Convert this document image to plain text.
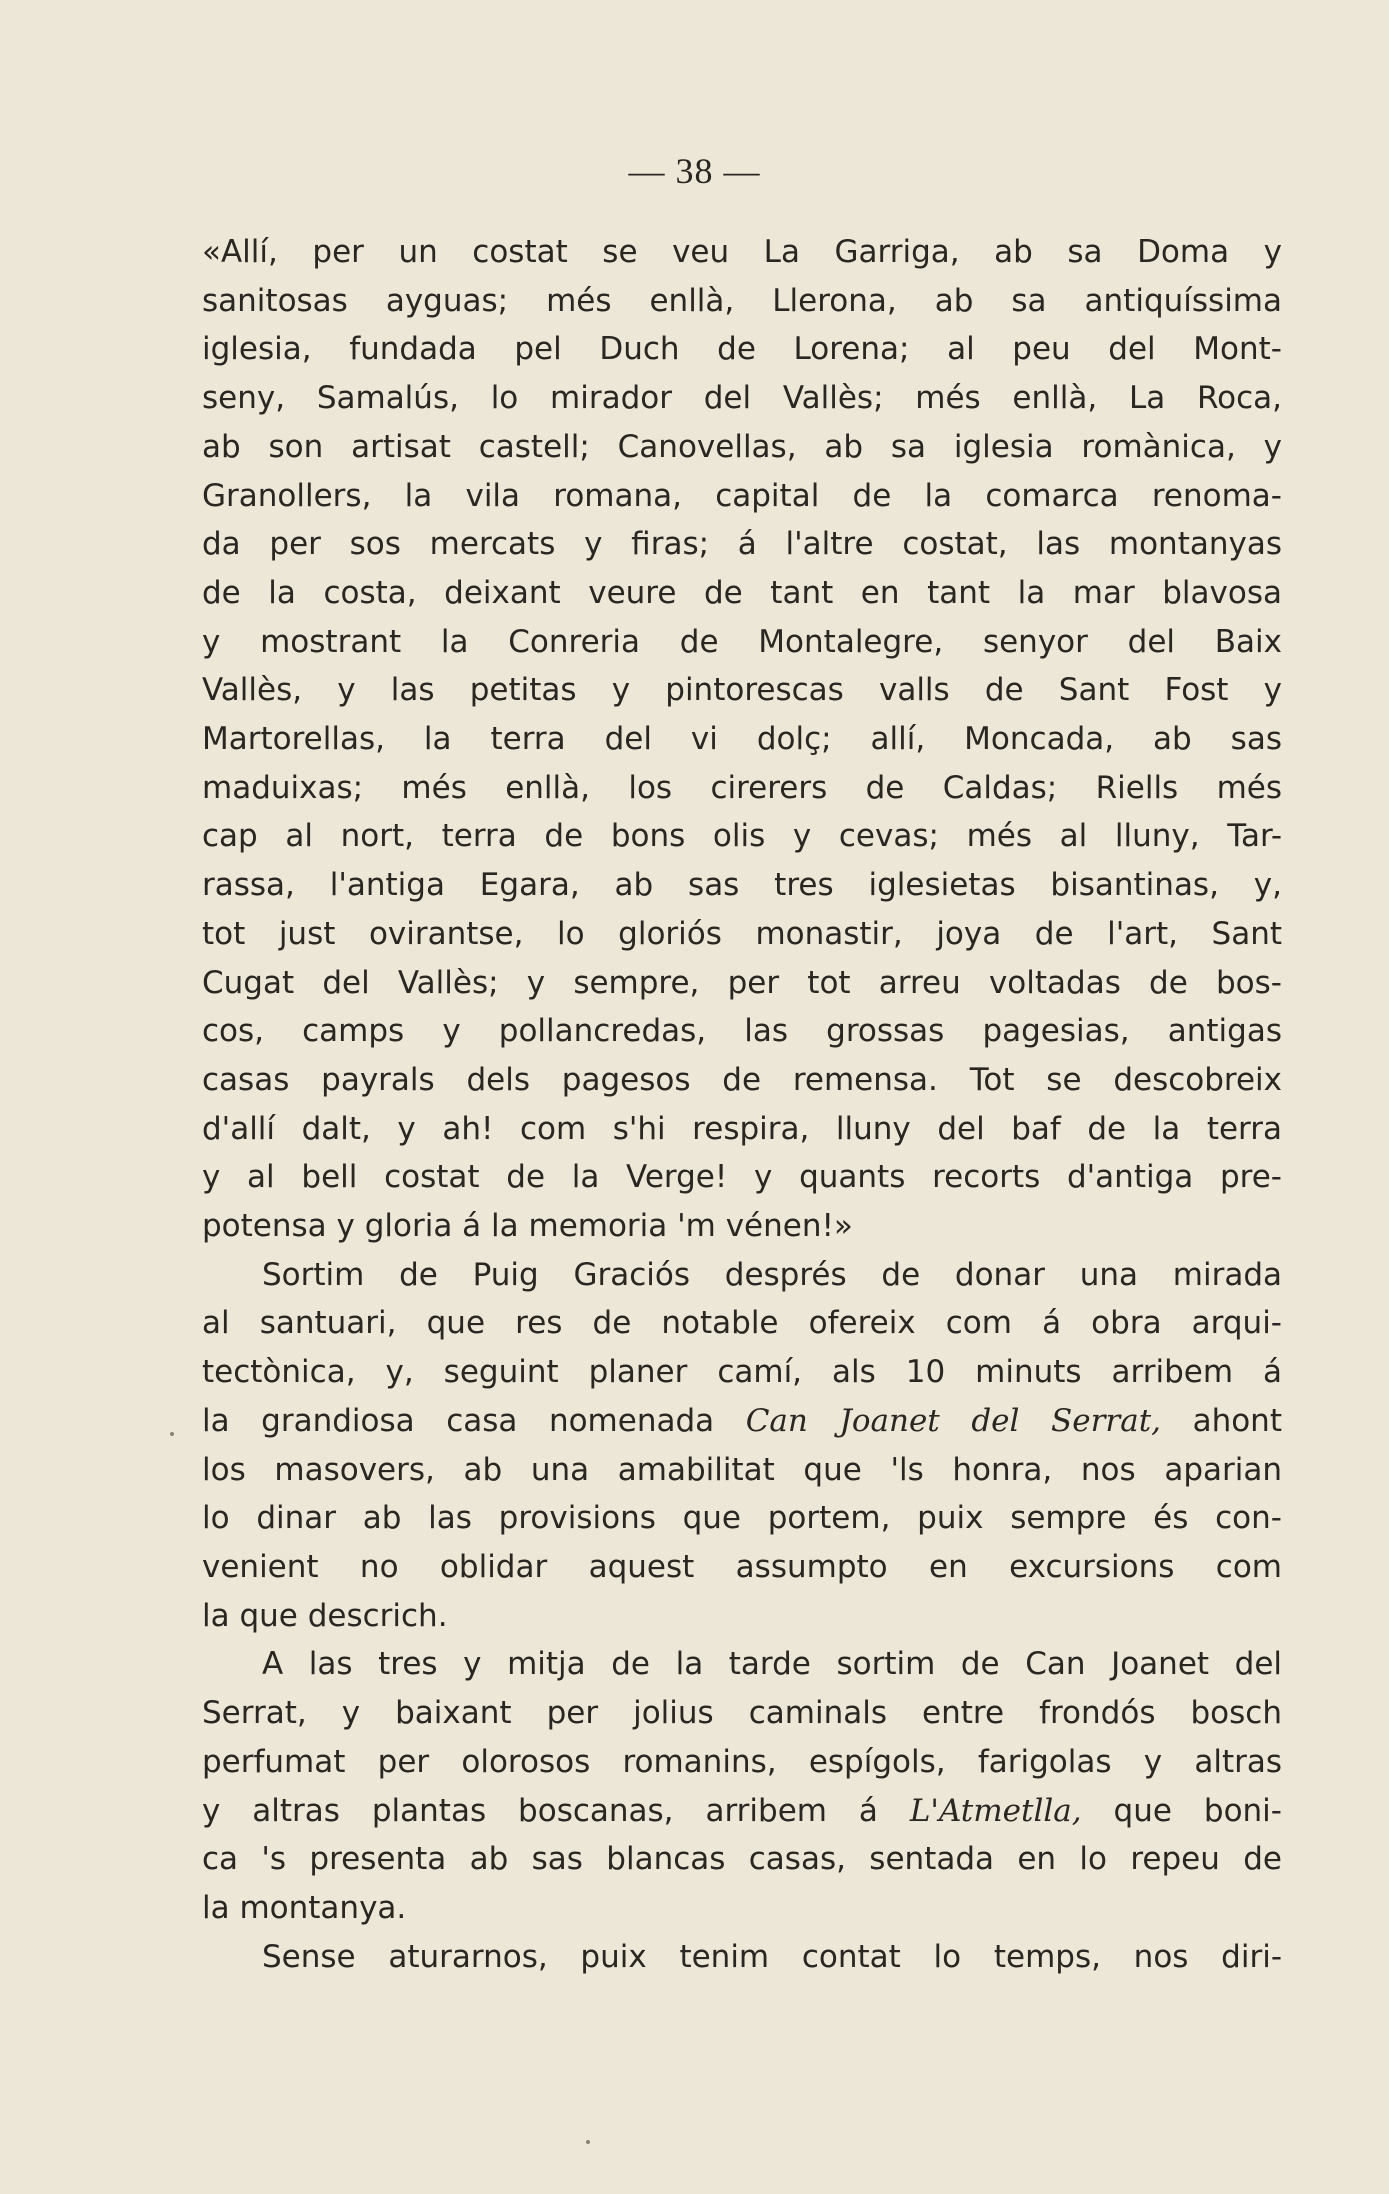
— 38 —
«Allí, per un costat se veu La Garriga, ab sa Doma y
sanitosas ayguas; més enllà, Llerona, ab sa antiquíssima
iglesia, fundada pel Duch de Lorena; al peu del Mont-
seny, Samalús, lo mirador del Vallès; més enllà, La Roca,
ab son artisat castell; Canovellas, ab sa iglesia romànica, y
Granollers, la vila romana, capital de la comarca renoma-
da per sos mercats y firas; á l'altre costat, las montanyas
de la costa, deixant veure de tant en tant la mar blavosa
y mostrant la Conreria de Montalegre, senyor del Baix
Vallès, y las petitas y pintorescas valls de Sant Fost y
Martorellas, la terra del vi dolç; allí, Moncada, ab sas
maduixas; més enllà, los cirerers de Caldas; Riells més
cap al nort, terra de bons olis y cevas; més al lluny, Tar-
rassa, l'antiga Egara, ab sas tres iglesietas bisantinas, y,
tot just ovirantse, lo gloriós monastir, joya de l'art, Sant
Cugat del Vallès; y sempre, per tot arreu voltadas de bos-
cos, camps y pollancredas, las grossas pagesias, antigas
casas payrals dels pagesos de remensa. Tot se descobreix
d'allí dalt, y ah! com s'hi respira, lluny del baf de la terra
y al bell costat de la Verge! y quants recorts d'antiga pre-
potensa y gloria á la memoria 'm vénen!»
Sortim de Puig Graciós després de donar una mirada
al santuari, que res de notable ofereix com á obra arqui-
tectònica, y, seguint planer camí, als 10 minuts arribem á
la grandiosa casa nomenada Can Joanet del Serrat, ahont
los masovers, ab una amabilitat que 'ls honra, nos aparian
lo dinar ab las provisions que portem, puix sempre és con-
venient no oblidar aquest assumpto en excursions com
la que descrich.
A las tres y mitja de la tarde sortim de Can Joanet del
Serrat, y baixant per jolius caminals entre frondós bosch
perfumat per olorosos romanins, espígols, farigolas y altras
y altras plantas boscanas, arribem á L'Atmetlla, que boni-
ca 's presenta ab sas blancas casas, sentada en lo repeu de
la montanya.
Sense aturarnos, puix tenim contat lo temps, nos diri-
